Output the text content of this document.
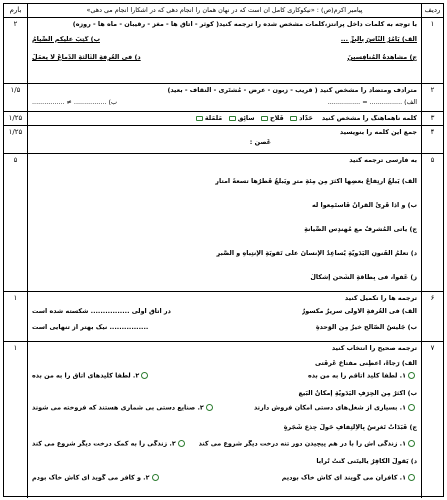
ردیف
پیامبر اکرم(ص) : «نیکوکاری کامل آن است که در نهان همان را انجام دهی که در آشکارا انجام می دهی»
بارم
۱
با توجه به کلمات داخل پرانتز،کلمات مشخص شده را ترجمه کنید( کوثر - اتاق ها - مغز - رقیبان - ماه ها - روزه)
الف) یَأمُرُ النّاسَ بِالْبِرِّ ...
ب) کُتِبَ علیکم الصِّیامُ
ج) مشاهدةُ المُنافِسینَ
د) فی الغُرفةِ الثّالثةِ الدِّماغُ لا یعمَلُ
۲
۲
مترادف ومتضاد را مشخص کنید ( قریب - زبون - عرض - مُشتَری - النقاف - بعید)
الف) ................ = ................
ب) ................ ≠ ................
۱/۵
۳
کلمه ناهماهنگ را مشخص کنید    حَدّاد  فَلّاح  سائِق  مَلْمَلة
۱/۲۵
۴
جمع این کلمه را بنویسید
غُصن :
۱/۲۵
۵
به فارسی ترجمه کنید
الف) یَبلُغُ ارتِفاعُ بعضِها اکثرَ مِن مِئةِ مترٍ ویَبلُغُ قُطرُها تسعةَ أمتارٍ
ب) و اذا قُرِئَ القرآنُ فَاستَمِعوا لَه
ج) یأتی المُشرِفُ مع مُهندِسِ الصِّیانةِ
د) تعلَمُ الفُنونِ الیَدَویَّةِ یُساعِدُ الإنسانَ علی تَقویَةِ الإنتِباهِ و الصَّبرِ
ز) عَفواً، فی بِطاقةِ الشَّحنِ إشکالٌ
۵
۶
ترجمه ها را تکمیل کنید
الف) فی الغُرفةِ الاولی سریرٌ مکسورٌ
در اتاق اولی ................ شکسته شده است
ب) جَلیسُ الصّالحِ خیرٌ مِن الوَحدةِ
................ نیک بهتر از تنهایی است
۱
۷
ترجمه صحیح را انتخاب کنید
الف) رَجاءً، أعطِنی مفتاحَ غُرفَتی
۱. لطفا کلید اتاقم را به من بده
۲. لطفا کلیدهای اتاق را به من بده
ب) أکثرُ مِن الحِرَفِ الیَدَویَّةِ إمکانُ البَیعِ
۱. بسیاری از شغل‌های دستی امکان فروش دارند
۲. صنایع دستی بی شماری هستند که فروخته می شوند
ج) فَبَدَأتْ تَغرِسُ بِالاِلتِفافِ حَولَ جِذعِ شَجَرةٍ
۱. زندگی اش را با در هم پیچیدن دور تنه درخت دیگر شروع می کند
۲. زندگی را به کمک درخت دیگر شروع می کند
د) یَقولُ الکافِرُ یالَیتَنی کُنتُ تُراباً
۱. کافران می گویند ای کاش خاک بودیم
۲. و کافر می گوید ای کاش خاک بودم
۱
